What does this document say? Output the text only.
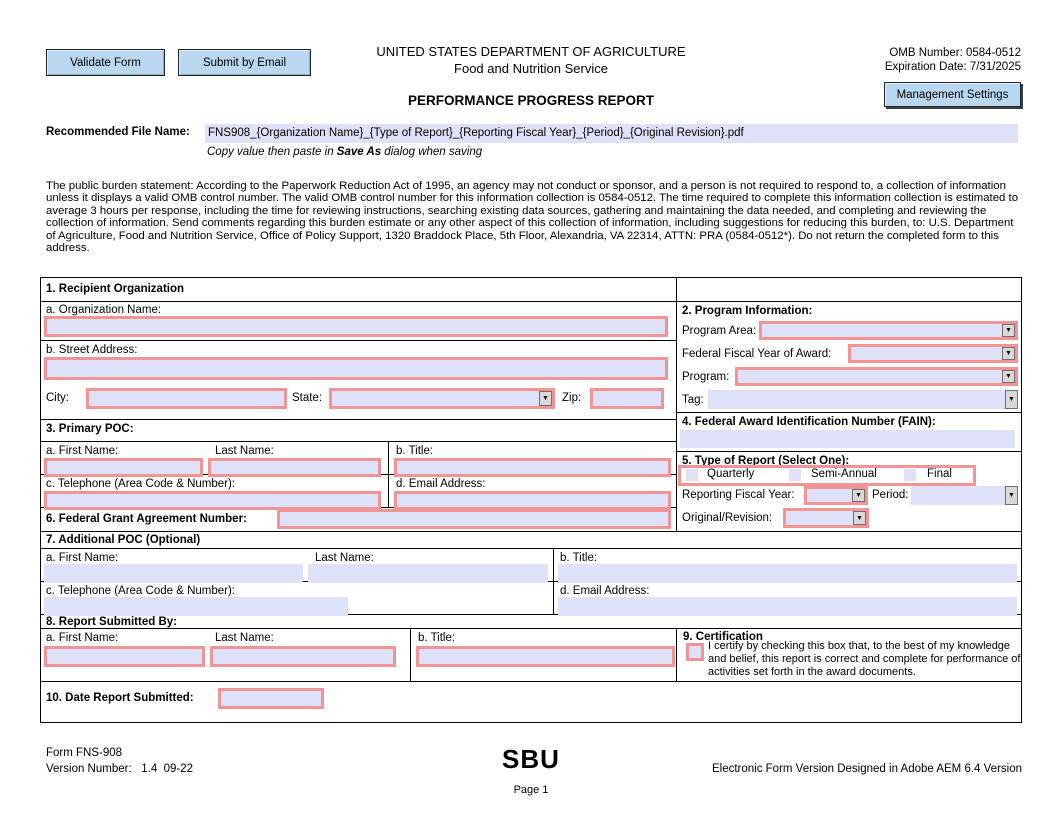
Validate Form	Submit by Email
UNITED STATES DEPARTMENT OF AGRICULTURE
Food and Nutrition Service
OMB Number: 0584-0512
Expiration Date: 7/31/2025
PERFORMANCE PROGRESS REPORT	Management Settings
Recommended File Name: FNS908_{Organization Name}_{Type of Report}_{Reporting Fiscal Year}_{Period}_{Original Revision}.pdf
Copy value then paste in Save As dialog when saving
The public burden statement: According to the Paperwork Reduction Act of 1995, an agency may not conduct or sponsor, and a person is not required to respond to, a collection of information unless it displays a valid OMB control number. The valid OMB control number for this information collection is 0584-0512. The time required to complete this information collection is estimated to average 3 hours per response, including the time for reviewing instructions, searching existing data sources, gathering and maintaining the data needed, and completing and reviewing the collection of information. Send comments regarding this burden estimate or any other aspect of this collection of information, including suggestions for reducing this burden, to: U.S. Department of Agriculture, Food and Nutrition Service, Office of Policy Support, 1320 Braddock Place, 5th Floor, Alexandria, VA 22314, ATTN: PRA (0584-0512*). Do not return the completed form to this address.
1. Recipient Organization
a. Organization Name:
b. Street Address:
City:	State:	▼ Zip:
2. Program Information:
Program Area:	▼
Federal Fiscal Year of Award:	▼
Program:	▼
Tag:	▼
3. Primary POC:
a. First Name:	Last Name:	b. Title:
c. Telephone (Area Code & Number):	d. Email Address:
4. Federal Award Identification Number (FAIN):
5. Type of Report (Select One):
Quarterly	Semi-Annual	Final
Reporting Fiscal Year:	▼ Period:	▼
Original/Revision:	▼
6. Federal Grant Agreement Number:
7. Additional POC (Optional)
a. First Name:	Last Name:	b. Title:
c. Telephone (Area Code & Number):	d. Email Address:
8. Report Submitted By:
a. First Name:	Last Name:	b. Title:	9. Certification
I certify by checking this box that, to the best of my knowledge and belief, this report is correct and complete for performance of activities set forth in the award documents.
10. Date Report Submitted:
Form FNS-908
Version Number:   1.4  09-22	SBU
Page 1
Electronic Form Version Designed in Adobe AEM 6.4 Version
